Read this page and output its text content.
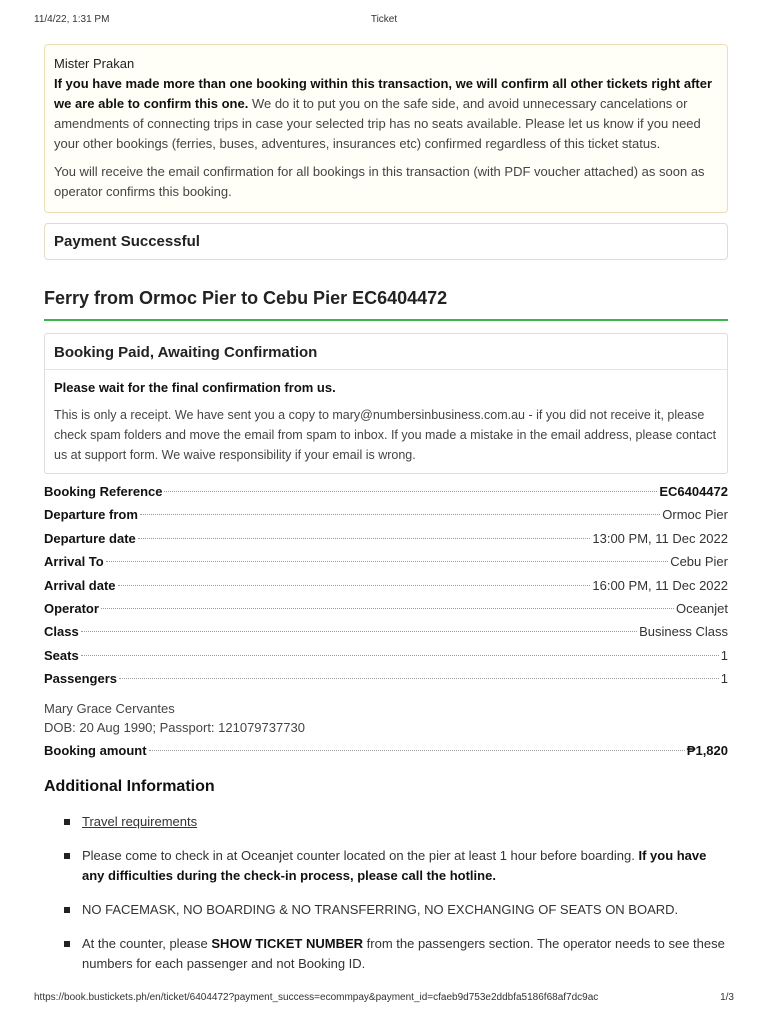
11/4/22, 1:31 PM	Ticket
Mister Prakan

If you have made more than one booking within this transaction, we will confirm all other tickets right after we are able to confirm this one. We do it to put you on the safe side, and avoid unnecessary cancelations or amendments of connecting trips in case your selected trip has no seats available. Please let us know if you need your other bookings (ferries, buses, adventures, insurances etc) confirmed regardless of this ticket status.

You will receive the email confirmation for all bookings in this transaction (with PDF voucher attached) as soon as operator confirms this booking.

Payment Successful
Ferry from Ormoc Pier to Cebu Pier EC6404472
Booking Paid, Awaiting Confirmation
Please wait for the final confirmation from us.
This is only a receipt. We have sent you a copy to mary@numbersinbusiness.com.au - if you did not receive it, please check spam folders and move the email from spam to inbox. If you made a mistake in the email address, please contact us at support form. We waive responsibility if your email is wrong.
Booking Reference	EC6404472
Departure from	Ormoc Pier
Departure date	13:00 PM, 11 Dec 2022
Arrival To	Cebu Pier
Arrival date	16:00 PM, 11 Dec 2022
Operator	Oceanjet
Class	Business Class
Seats	1
Passengers	1
Mary Grace Cervantes
DOB: 20 Aug 1990; Passport: 121079737730
Booking amount	₱1,820
Additional Information
Travel requirements
Please come to check in at Oceanjet counter located on the pier at least 1 hour before boarding. If you have any difficulties during the check-in process, please call the hotline.
NO FACEMASK, NO BOARDING & NO TRANSFERRING, NO EXCHANGING OF SEATS ON BOARD.
At the counter, please SHOW TICKET NUMBER from the passengers section. The operator needs to see these numbers for each passenger and not Booking ID.
https://book.bustickets.ph/en/ticket/6404472?payment_success=ecommpay&payment_id=cfaeb9d753e2ddbfa5186f68af7dc9ac	1/3
